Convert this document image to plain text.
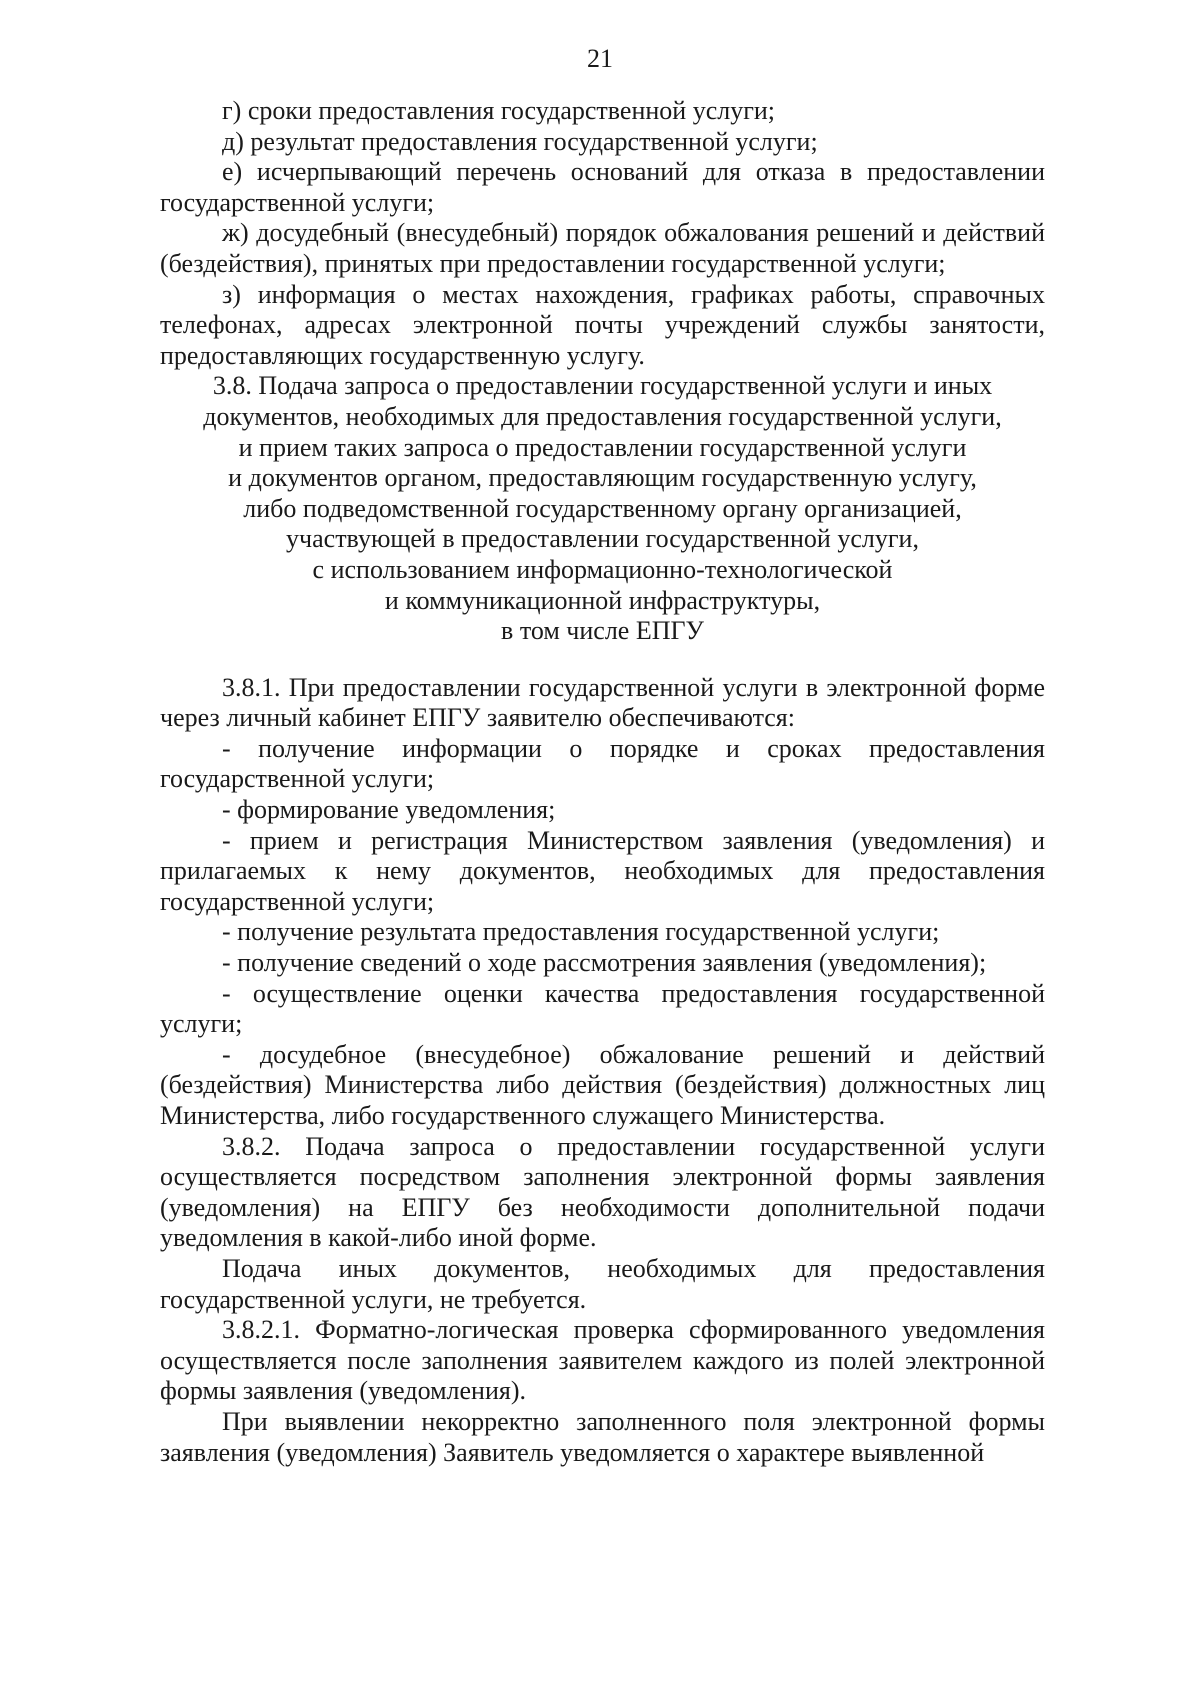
21

г) сроки предоставления государственной услуги;

д) результат предоставления государственной услуги;

е) исчерпывающий перечень оснований для отказа в предоставлении государственной услуги;

ж) досудебный (внесудебный) порядок обжалования решений и действий (бездействия), принятых при предоставлении государственной услуги;

з) информация о местах нахождения, графиках работы, справочных телефонах, адресах электронной почты учреждений службы занятости, предоставляющих государственную услугу.

3.8. Подача запроса о предоставлении государственной услуги и иных

документов, необходимых для предоставления государственной услуги,

и прием таких запроса о предоставлении государственной услуги

и документов органом, предоставляющим государственную услугу,

либо подведомственной государственному органу организацией,

участвующей в предоставлении государственной услуги,

с использованием информационно-технологической

и коммуникационной инфраструктуры,

в том числе ЕПГУ

3.8.1. При предоставлении государственной услуги в электронной форме через личный кабинет ЕПГУ заявителю обеспечиваются:

- получение информации о порядке и сроках предоставления государственной услуги;

- формирование уведомления;

- прием и регистрация Министерством заявления (уведомления) и прилагаемых к нему документов, необходимых для предоставления государственной услуги;

- получение результата предоставления государственной услуги;

- получение сведений о ходе рассмотрения заявления (уведомления);

- осуществление оценки качества предоставления государственной услуги;

- досудебное (внесудебное) обжалование решений и действий (бездействия) Министерства либо действия (бездействия) должностных лиц Министерства, либо государственного служащего Министерства.

3.8.2. Подача запроса о предоставлении государственной услуги осуществляется посредством заполнения электронной формы заявления (уведомления) на ЕПГУ без необходимости дополнительной подачи уведомления в какой-либо иной форме.

Подача иных документов, необходимых для предоставления государственной услуги, не требуется.

3.8.2.1. Форматно-логическая проверка сформированного уведомления осуществляется после заполнения заявителем каждого из полей электронной формы заявления (уведомления).

При выявлении некорректно заполненного поля электронной формы заявления (уведомления) Заявитель уведомляется о характере выявленной
